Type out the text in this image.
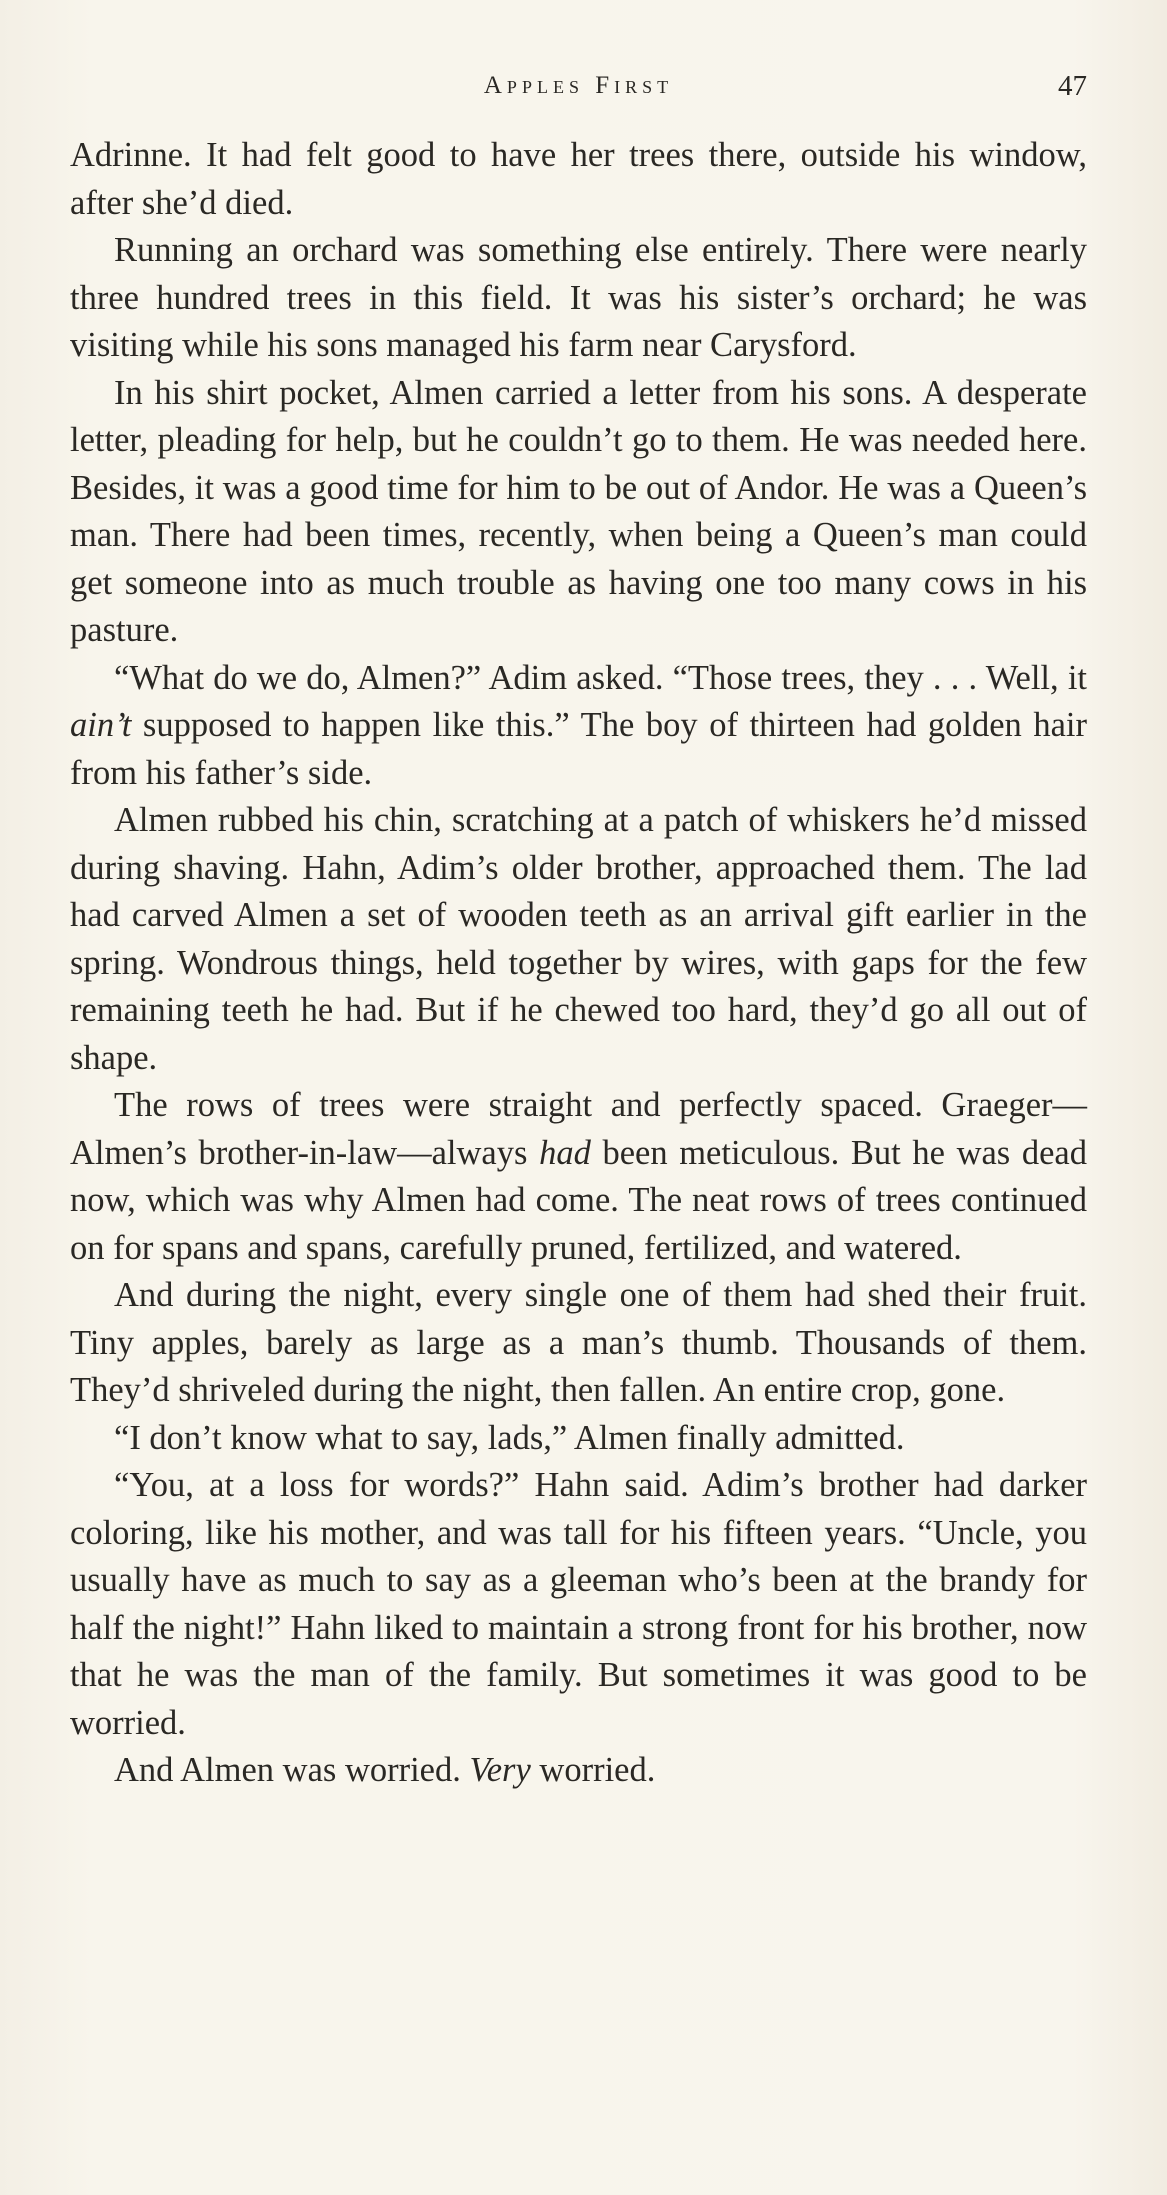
Apples First	47

Adrinne. It had felt good to have her trees there, outside his window, after she’d died.

Running an orchard was something else entirely. There were nearly three hundred trees in this field. It was his sister’s orchard; he was visiting while his sons managed his farm near Carysford.

In his shirt pocket, Almen carried a letter from his sons. A desperate letter, pleading for help, but he couldn’t go to them. He was needed here. Besides, it was a good time for him to be out of Andor. He was a Queen’s man. There had been times, recently, when being a Queen’s man could get someone into as much trouble as having one too many cows in his pasture.

“What do we do, Almen?” Adim asked. “Those trees, they . . . Well, it ain’t supposed to happen like this.” The boy of thirteen had golden hair from his father’s side.

Almen rubbed his chin, scratching at a patch of whiskers he’d missed during shaving. Hahn, Adim’s older brother, approached them. The lad had carved Almen a set of wooden teeth as an arrival gift earlier in the spring. Wondrous things, held together by wires, with gaps for the few remaining teeth he had. But if he chewed too hard, they’d go all out of shape.

The rows of trees were straight and perfectly spaced. Graeger—Almen’s brother-in-law—always had been meticulous. But he was dead now, which was why Almen had come. The neat rows of trees continued on for spans and spans, carefully pruned, fertilized, and watered.

And during the night, every single one of them had shed their fruit. Tiny apples, barely as large as a man’s thumb. Thousands of them. They’d shriveled during the night, then fallen. An entire crop, gone.

“I don’t know what to say, lads,” Almen finally admitted.

“You, at a loss for words?” Hahn said. Adim’s brother had darker coloring, like his mother, and was tall for his fifteen years. “Uncle, you usually have as much to say as a gleeman who’s been at the brandy for half the night!” Hahn liked to maintain a strong front for his brother, now that he was the man of the family. But sometimes it was good to be worried.

And Almen was worried. Very worried.
